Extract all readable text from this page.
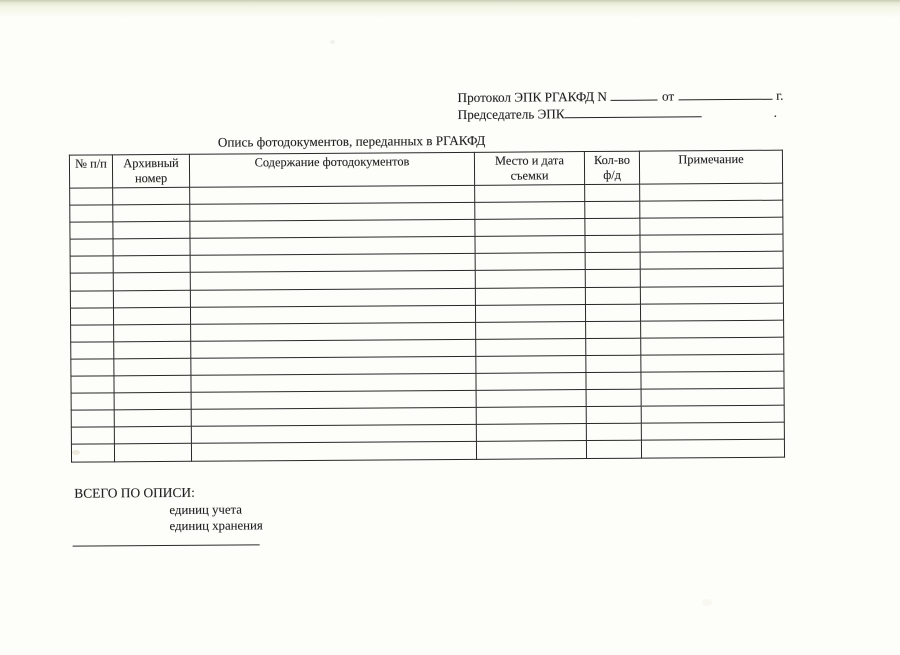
Протокол ЭПК РГАКФД N	от	г.
Председатель ЭПК	.
Опись фотодокументов, переданных в РГАКФД
№ п/п	Архивный номер	Содержание фотодокументов	Место и дата съемки	Кол-во ф/д	Примечание

ВСЕГО ПО ОПИСИ:
единиц учета
единиц хранения
